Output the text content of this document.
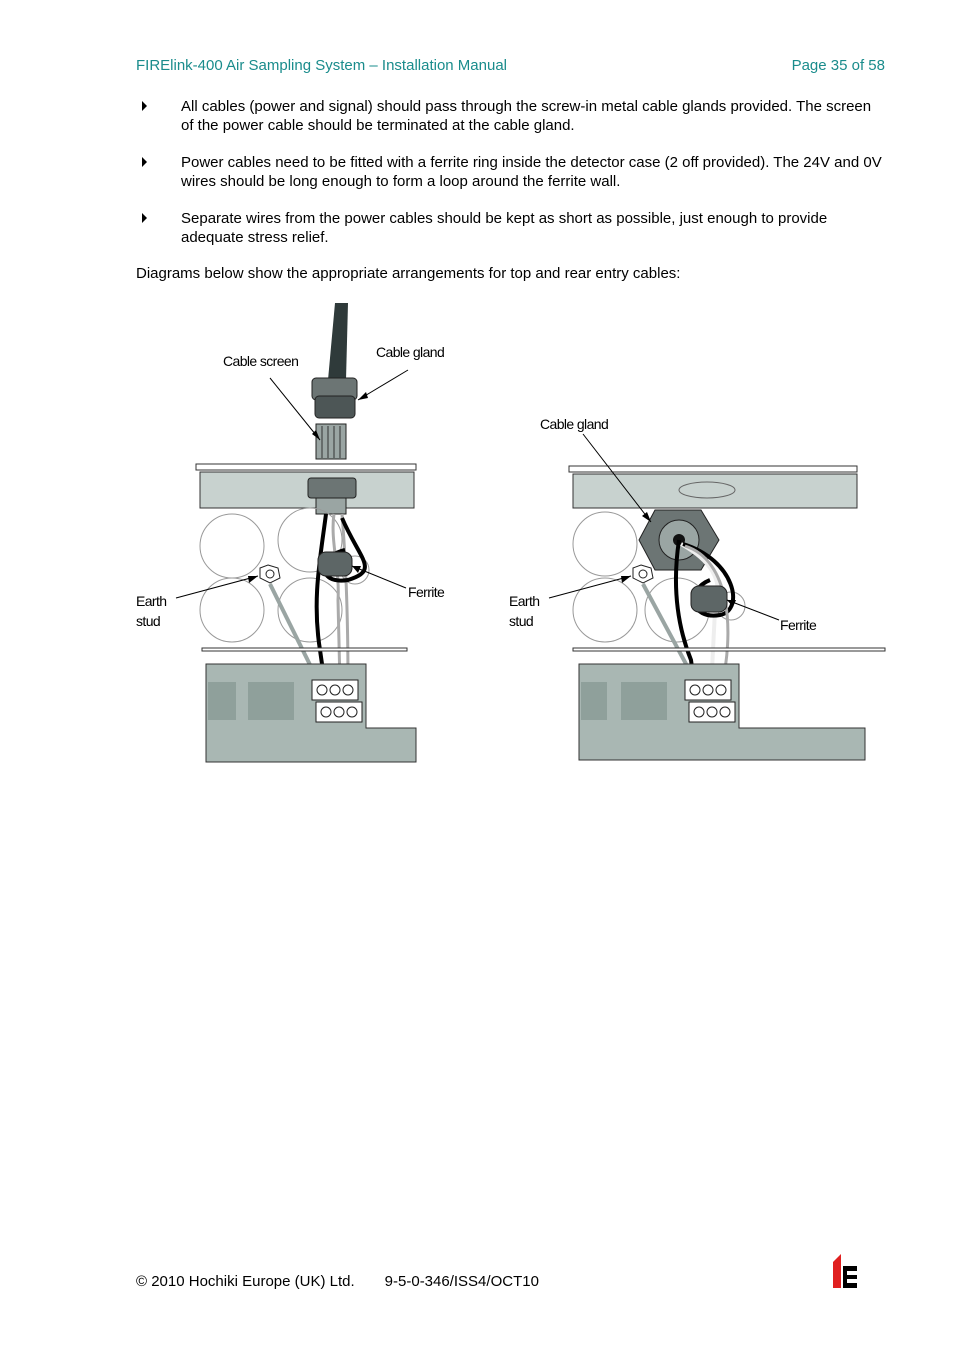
FIRElink-400 Air Sampling System – Installation Manual	Page 35 of 58
All cables (power and signal) should pass through the screw-in metal cable glands provided. The screen of the power cable should be terminated at the cable gland.
Power cables need to be fitted with a ferrite ring inside the detector case (2 off provided). The 24V and 0V wires should be long enough to form a loop around the ferrite wall.
Separate wires from the power cables should be kept as short as possible, just enough to provide adequate stress relief.
Diagrams below show the appropriate arrangements for top and rear entry cables:
Cable screen
Cable gland
Earth
stud
Ferrite
Cable gland
Earth
stud	Ferrite
© 2010 Hochiki Europe (UK) Ltd. 9-5-0-346/ISS4/OCT10
